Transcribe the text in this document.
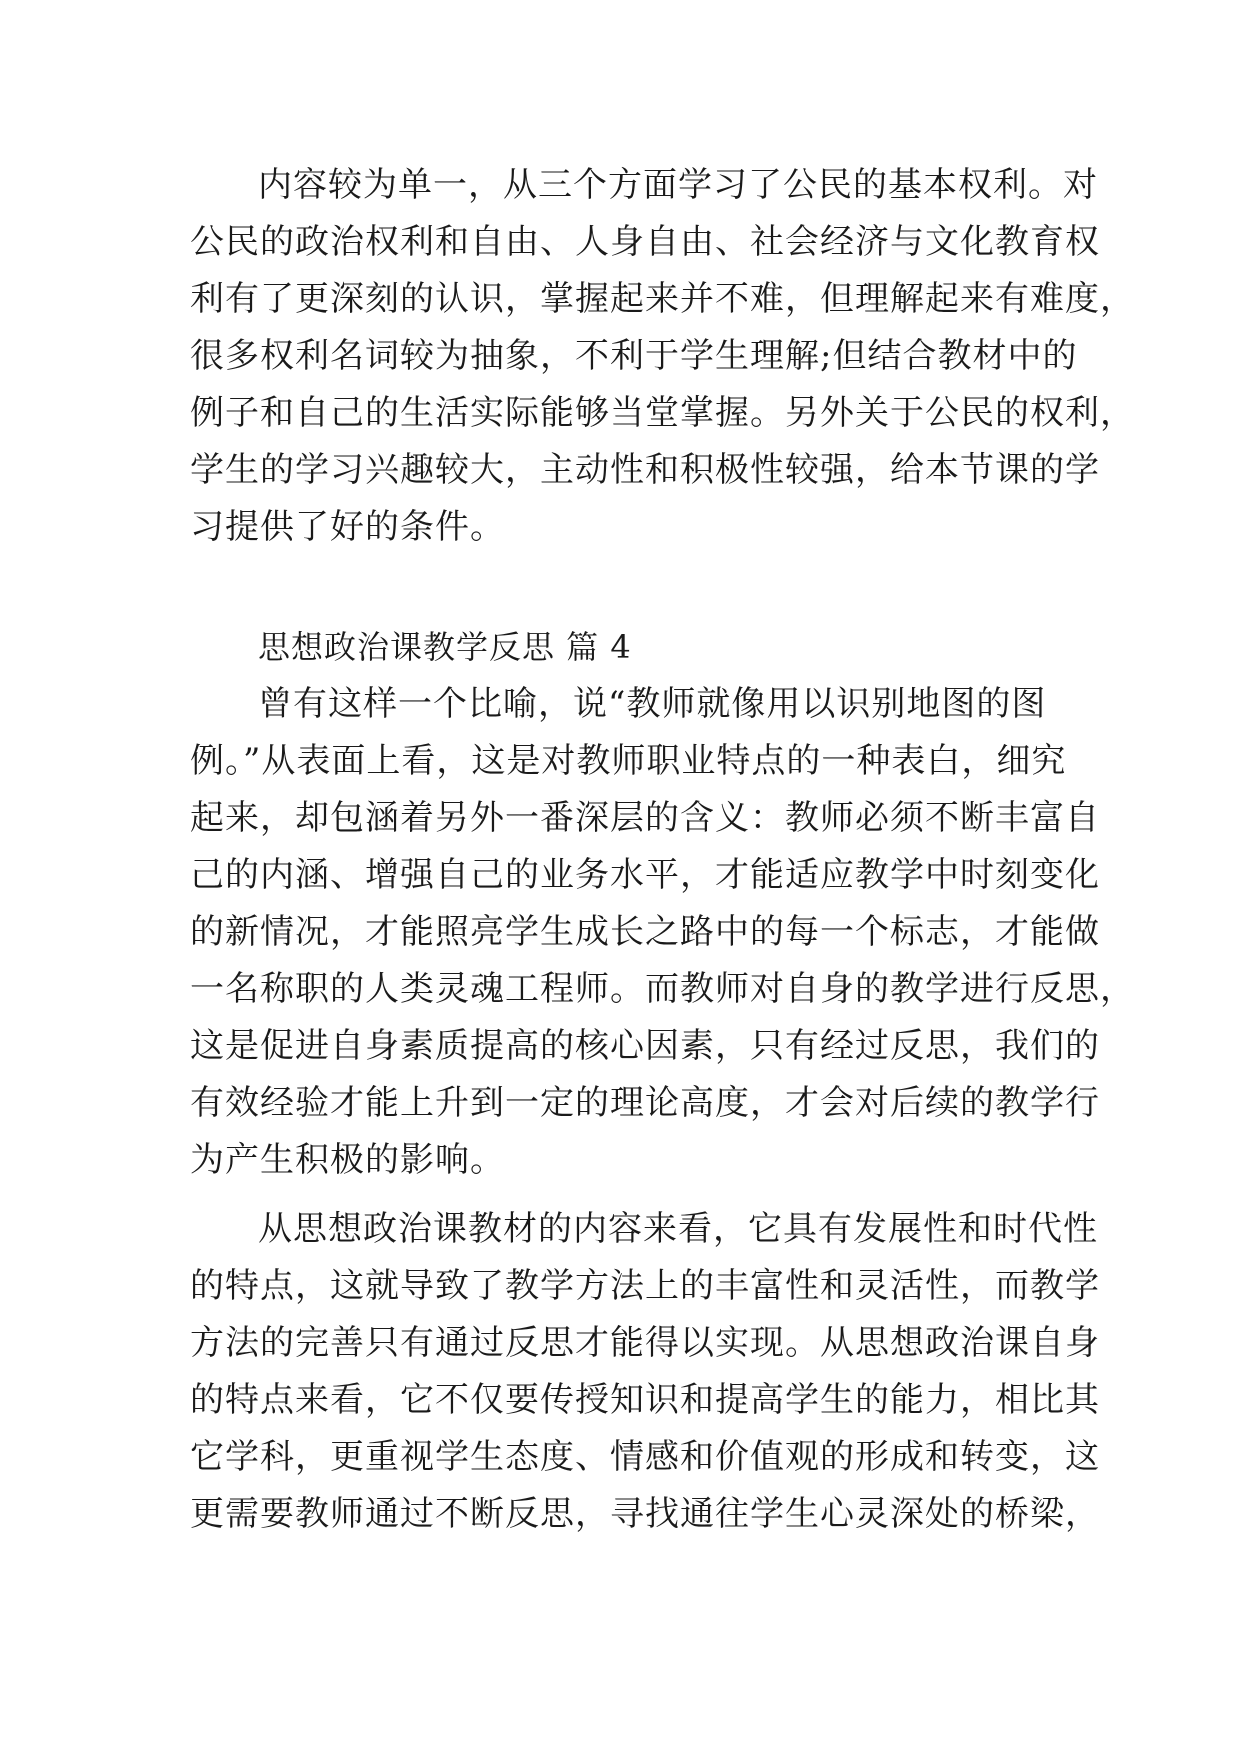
内容较为单一，从三个方面学习了公民的基本权利。对
公民的政治权利和自由、人身自由、社会经济与文化教育权
利有了更深刻的认识，掌握起来并不难，但理解起来有难度，
很多权利名词较为抽象，不利于学生理解;但结合教材中的
例子和自己的生活实际能够当堂掌握。另外关于公民的权利，
学生的学习兴趣较大，主动性和积极性较强，给本节课的学
习提供了好的条件。
思想政治课教学反思 篇 4
曾有这样一个比喻，说“教师就像用以识别地图的图
例。”从表面上看，这是对教师职业特点的一种表白，细究
起来，却包涵着另外一番深层的含义：教师必须不断丰富自
己的内涵、增强自己的业务水平，才能适应教学中时刻变化
的新情况，才能照亮学生成长之路中的每一个标志，才能做
一名称职的人类灵魂工程师。而教师对自身的教学进行反思，
这是促进自身素质提高的核心因素，只有经过反思，我们的
有效经验才能上升到一定的理论高度，才会对后续的教学行
为产生积极的影响。
从思想政治课教材的内容来看，它具有发展性和时代性
的特点，这就导致了教学方法上的丰富性和灵活性，而教学
方法的完善只有通过反思才能得以实现。从思想政治课自身
的特点来看，它不仅要传授知识和提高学生的能力，相比其
它学科，更重视学生态度、情感和价值观的形成和转变，这
更需要教师通过不断反思，寻找通往学生心灵深处的桥梁，
